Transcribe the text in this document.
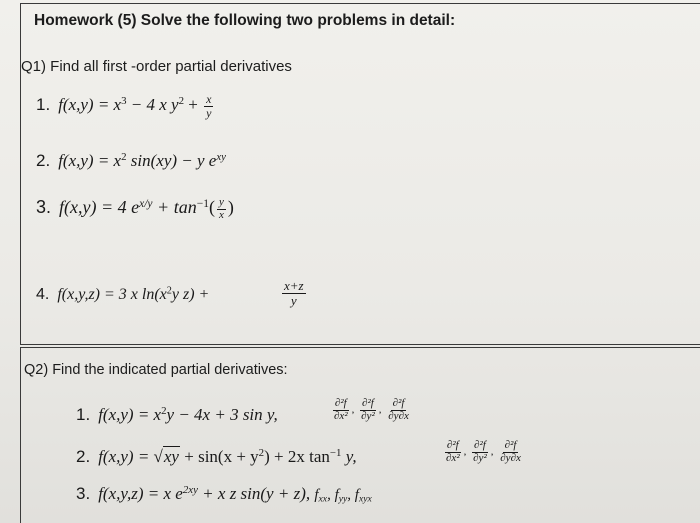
Homework (5) Solve the following two problems in detail:
Q1) Find all first -order partial derivatives
1. $f(x,y) = x^3 - 4$ x $y^2 + \frac{x}{y}$
2. $f(x,y) = x^2$ sin(xy) − y $e^{xy}$
3. f(x,y) = 4 $e^{x/y} + \tan^{-1}( \frac{y}{x}$ )
4. f(x,y,z) = 3 x $\ln(x^2y$ z) +	$\frac{x+z}{y}$
Q2) Find the indicated partial derivatives:
1. $f(x,y) = x^2y - 4x + 3$ sin y,	$\frac{\text{∂²f}}{\text{∂x²}}$ , $\frac{\text{∂²f}}{\text{∂y²}}$ , $\frac{\text{∂²f}}{\partial y\partial x}$
2. $f(x,y) = √xy + \sin(x + y^2) + 2x$ $\tan^{-1} y$,	$\frac{\text{∂²f}}{\text{∂x²}}$ , $\frac{\text{∂²f}}{\text{∂y²}}$ , $\frac{\text{∂²f}}{\partial y\partial x}$
3. f(x,y,z) = x $e^{2xy} + x$ z sin(y + z), $f_{xx}$, $f_{yy}$, $f_{xyx}$
